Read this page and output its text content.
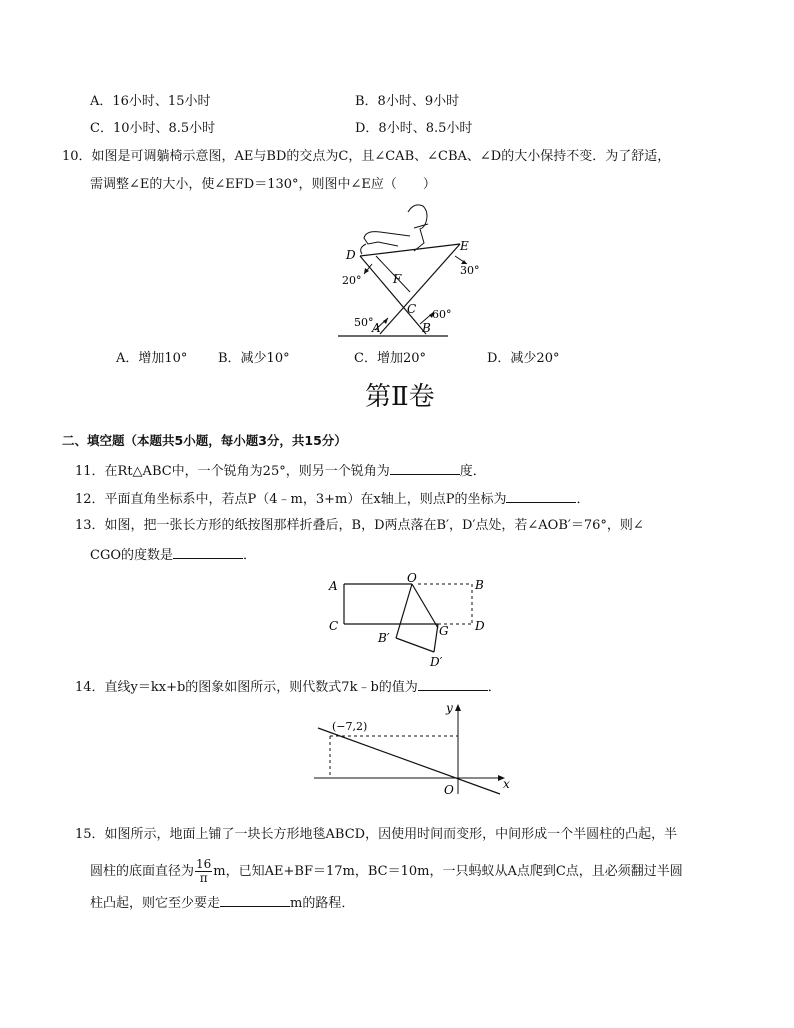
A．16小时、15小时	B．8小时、9小时
C．10小时、8.5小时	D．8小时、8.5小时
10．如图是可调躺椅示意图，AE与BD的交点为C，且∠CAB、∠CBA、∠D的大小保持不变．为了舒适，
需调整∠E的大小，使∠EFD＝130°，则图中∠E应（　　）
D
E
F
C
A	B
20°
30°
50°
60°
A．增加10° B．减少10°	C．增加20°	D．减少20°
第Ⅱ卷
二、填空题（本题共5小题，每小题3分，共15分）
11．在Rt△ABC中，一个锐角为25°，则另一个锐角为	度．
12．平面直角坐标系中，若点P（4﹣m，3+m）在x轴上，则点P的坐标为	．
13．如图，把一张长方形的纸按图那样折叠后，B，D两点落在B′，D′点处，若∠AOB′＝76°，则∠
CGO的度数是	．
A
O	B
C	G D
B′
D′
14．直线y＝kx+b的图象如图所示，则代数式7k﹣b的值为	．
y
x
O
(−7,2)
15．如图所示，地面上铺了一块长方形地毯ABCD，因使用时间而变形，中间形成一个半圆柱的凸起，半
圆柱的底面直径为 $\frac{16}{\pi}$ m，已知AE+BF＝17m，BC＝10m，一只蚂蚁从A点爬到C点，且必须翻过半圆
柱凸起，则它至少要走	m的路程．
